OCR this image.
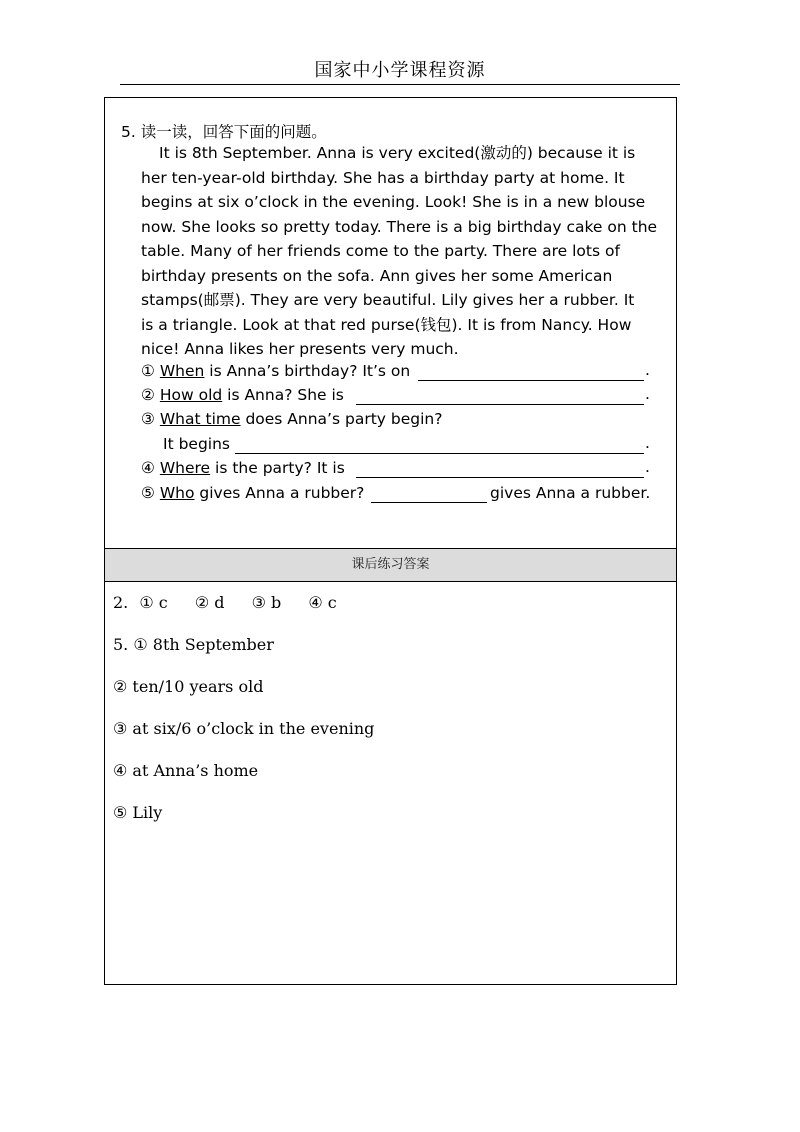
国家中小学课程资源
5. 读一读，回答下面的问题。
It is 8th September. Anna is very excited(激动的) because it is
her ten-year-old birthday. She has a birthday party at home. It
begins at six o’clock in the evening. Look! She is in a new blouse
now. She looks so pretty today. There is a big birthday cake on the
table. Many of her friends come to the party. There are lots of
birthday presents on the sofa. Ann gives her some American
stamps(邮票). They are very beautiful. Lily gives her a rubber. It
is a triangle. Look at that red purse(钱包). It is from Nancy. How
nice! Anna likes her presents very much.
① When is Anna’s birthday? It’s on	.
② How old is Anna? She is	.
③ What time does Anna’s party begin?
It begins	.
④ Where is the party? It is	.
⑤ Who gives Anna a rubber?	gives Anna a rubber.
课后练习答案
2. ① c ② d ③ b ④ c
5. ① 8th September
② ten/10 years old
③ at six/6 o’clock in the evening
④ at Anna’s home
⑤ Lily
